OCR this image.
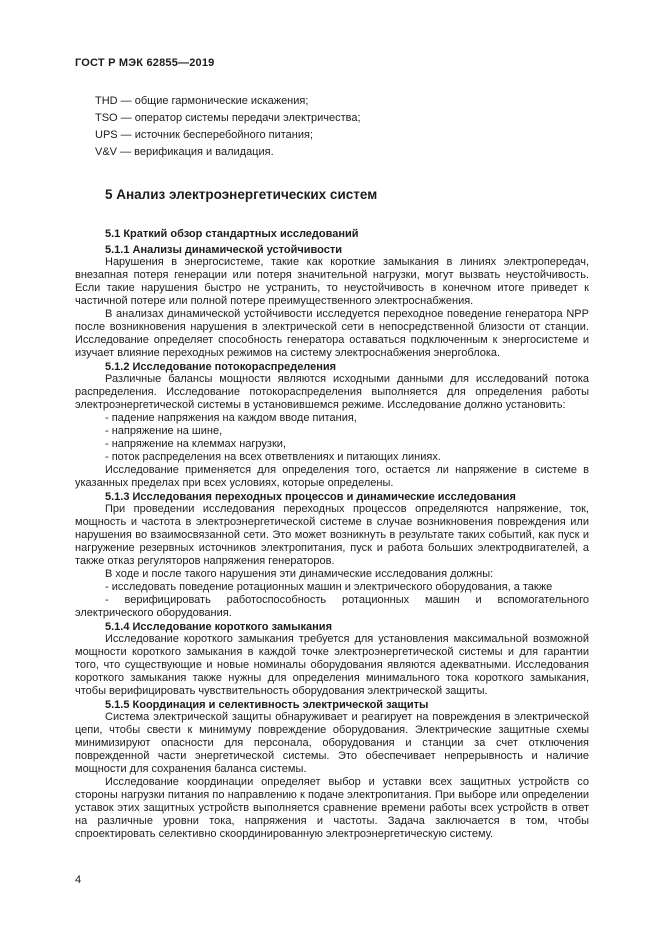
ГОСТ Р МЭК 62855—2019
THD — общие гармонические искажения;
TSO — оператор системы передачи электричества;
UPS — источник бесперебойного питания;
V&V — верификация и валидация.
5 Анализ электроэнергетических систем
5.1 Краткий обзор стандартных исследований
5.1.1 Анализы динамической устойчивости
Нарушения в энергосистеме, такие как короткие замыкания в линиях электропередач, внезапная потеря генерации или потеря значительной нагрузки, могут вызвать неустойчивость. Если такие нарушения быстро не устранить, то неустойчивость в конечном итоге приведет к частичной потере или полной потере преимущественного электроснабжения.
В анализах динамической устойчивости исследуется переходное поведение генератора NPP после возникновения нарушения в электрической сети в непосредственной близости от станции. Исследование определяет способность генератора оставаться подключенным к энергосистеме и изучает влияние переходных режимов на систему электроснабжения энергоблока.
5.1.2 Исследование потокораспределения
Различные балансы мощности являются исходными данными для исследований потока распределения. Исследование потокораспределения выполняется для определения работы электроэнергетической системы в установившемся режиме. Исследование должно установить:
- падение напряжения на каждом вводе питания,
- напряжение на шине,
- напряжение на клеммах нагрузки,
- поток распределения на всех ответвлениях и питающих линиях.
Исследование применяется для определения того, остается ли напряжение в системе в указанных пределах при всех условиях, которые определены.
5.1.3 Исследования переходных процессов и динамические исследования
При проведении исследования переходных процессов определяются напряжение, ток, мощность и частота в электроэнергетической системе в случае возникновения повреждения или нарушения во взаимосвязанной сети. Это может возникнуть в результате таких событий, как пуск и нагружение резервных источников электропитания, пуск и работа больших электродвигателей, а также отказ регуляторов напряжения генераторов.
В ходе и после такого нарушения эти динамические исследования должны:
- исследовать поведение ротационных машин и электрического оборудования, а также
- верифицировать работоспособность ротационных машин и вспомогательного электрического оборудования.
5.1.4 Исследование короткого замыкания
Исследование короткого замыкания требуется для установления максимальной возможной мощности короткого замыкания в каждой точке электроэнергетической системы и для гарантии того, что существующие и новые номиналы оборудования являются адекватными. Исследования короткого замыкания также нужны для определения минимального тока короткого замыкания, чтобы верифицировать чувствительность оборудования электрической защиты.
5.1.5 Координация и селективность электрической защиты
Система электрической защиты обнаруживает и реагирует на повреждения в электрической цепи, чтобы свести к минимуму повреждение оборудования. Электрические защитные схемы минимизируют опасности для персонала, оборудования и станции за счет отключения поврежденной части энергетической системы. Это обеспечивает непрерывность и наличие мощности для сохранения баланса системы.
Исследование координации определяет выбор и уставки всех защитных устройств со стороны нагрузки питания по направлению к подаче электропитания. При выборе или определении уставок этих защитных устройств выполняется сравнение времени работы всех устройств в ответ на различные уровни тока, напряжения и частоты. Задача заключается в том, чтобы спроектировать селективно скоординированную электроэнергетическую систему.
4
